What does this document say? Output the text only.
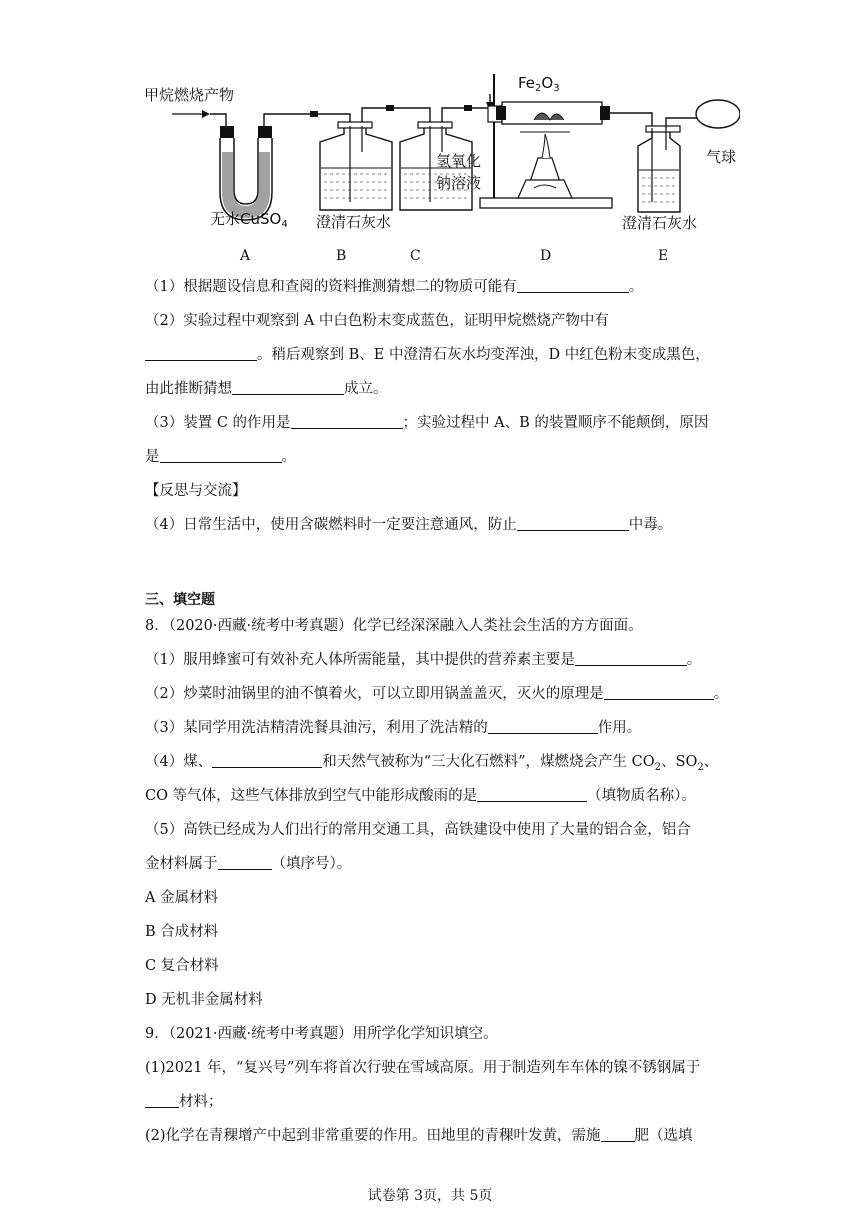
甲烷燃烧产物
无水CuSO$_4$ 澄清石灰水
氢氧化
钠溶液
$Fe_2O_3$
澄清石灰水
气球
A	B	C	D	E
（1）根据题设信息和查阅的资料推测猜想二的物质可能有	。
（2）实验过程中观察到 A 中白色粉末变成蓝色，证明甲烷燃烧产物中有
。稍后观察到 B、E 中澄清石灰水均变浑浊，D 中红色粉末变成黑色，
由此推断猜想	成立。
（3）装置 C 的作用是	；实验过程中 A、B 的装置顺序不能颠倒，原因
是	。
【反思与交流】
（4）日常生活中，使用含碳燃料时一定要注意通风，防止	中毒。
三、填空题
8．（2020·西藏·统考中考真题）化学已经深深融入人类社会生活的方方面面。
（1）服用蜂蜜可有效补充人体所需能量，其中提供的营养素主要是	。
（2）炒菜时油锅里的油不慎着火，可以立即用锅盖盖灭，灭火的原理是	。
（3）某同学用洗洁精清洗餐具油污，利用了洗洁精的	作用。
（4）煤、	和天然气被称为“三大化石燃料”，煤燃烧会产生 $CO_2$、$SO_2$、
CO 等气体，这些气体排放到空气中能形成酸雨的是	（填物质名称）。
（5）高铁已经成为人们出行的常用交通工具，高铁建设中使用了大量的铝合金，铝合
金材料属于	（填序号）。
A 金属材料
B 合成材料
C 复合材料
D 无机非金属材料
9．（2021·西藏·统考中考真题）用所学化学知识填空。
(1)2021 年，“复兴号”列车将首次行驶在雪域高原。用于制造列车车体的镍不锈钢属于
材料；
(2)化学在青稞增产中起到非常重要的作用。田地里的青稞叶发黄，需施 肥（选填
试卷第 3页，共 5页
